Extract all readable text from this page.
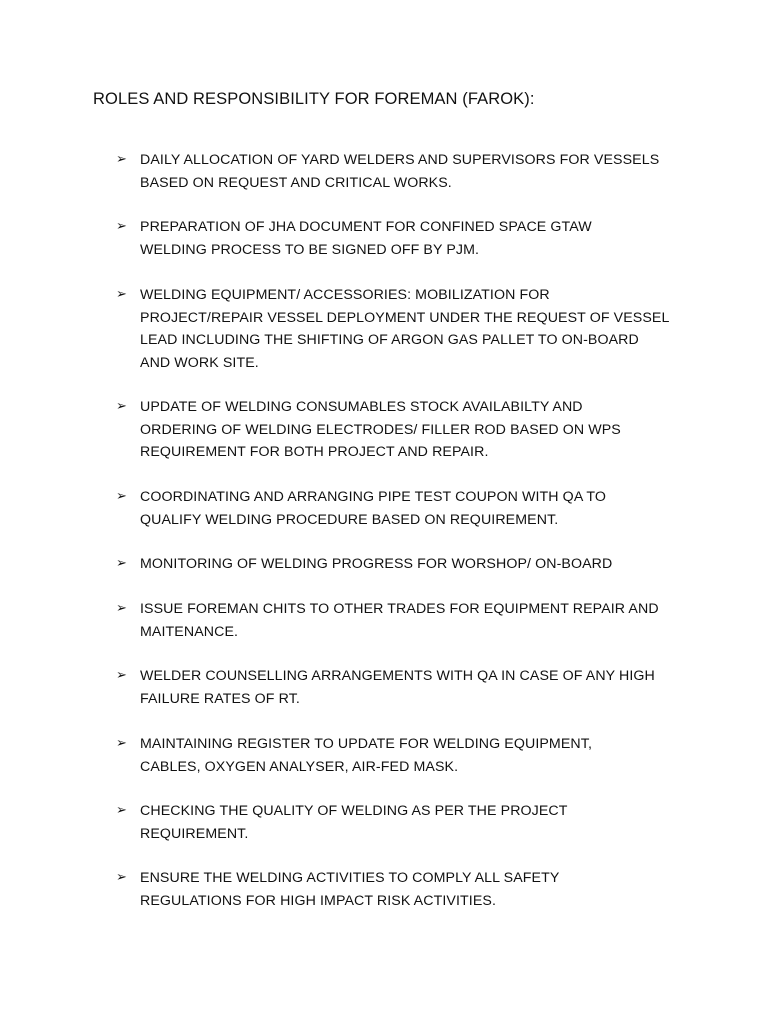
ROLES AND RESPONSIBILITY FOR FOREMAN (FAROK):
➢ DAILY ALLOCATION OF YARD WELDERS AND SUPERVISORS FOR VESSELS
BASED ON REQUEST AND CRITICAL WORKS.
➢ PREPARATION OF JHA DOCUMENT FOR CONFINED SPACE GTAW
WELDING PROCESS TO BE SIGNED OFF BY PJM.
➢ WELDING EQUIPMENT/ ACCESSORIES: MOBILIZATION FOR
PROJECT/REPAIR VESSEL DEPLOYMENT UNDER THE REQUEST OF VESSEL
LEAD INCLUDING THE SHIFTING OF ARGON GAS PALLET TO ON-BOARD
AND WORK SITE.
➢ UPDATE OF WELDING CONSUMABLES STOCK AVAILABILTY AND
ORDERING OF WELDING ELECTRODES/ FILLER ROD BASED ON WPS
REQUIREMENT FOR BOTH PROJECT AND REPAIR.
➢ COORDINATING AND ARRANGING PIPE TEST COUPON WITH QA TO
QUALIFY WELDING PROCEDURE BASED ON REQUIREMENT.
➢ MONITORING OF WELDING PROGRESS FOR WORSHOP/ ON-BOARD
➢ ISSUE FOREMAN CHITS TO OTHER TRADES FOR EQUIPMENT REPAIR AND
MAITENANCE.
➢ WELDER COUNSELLING ARRANGEMENTS WITH QA IN CASE OF ANY HIGH
FAILURE RATES OF RT.
➢ MAINTAINING REGISTER TO UPDATE FOR WELDING EQUIPMENT,
CABLES, OXYGEN ANALYSER, AIR-FED MASK.
➢ CHECKING THE QUALITY OF WELDING AS PER THE PROJECT
REQUIREMENT.
➢ ENSURE THE WELDING ACTIVITIES TO COMPLY ALL SAFETY
REGULATIONS FOR HIGH IMPACT RISK ACTIVITIES.
